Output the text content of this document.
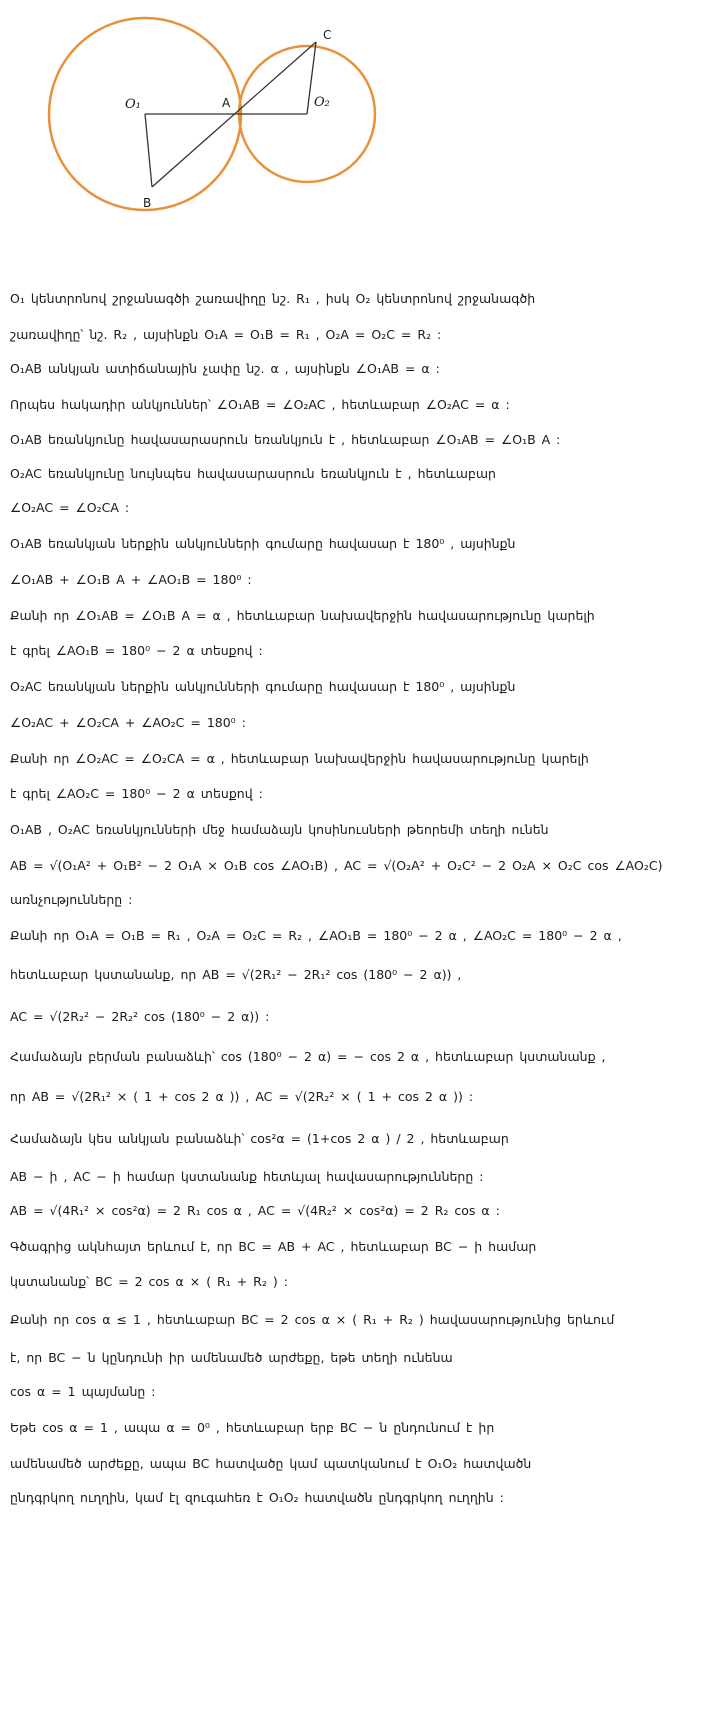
O₁	A	O₂
B
C
O₁ կենտրոնով շրջանագծի շառավիղը նշ. R₁ , իսկ O₂ կենտրոնով շրջանագծի
շառավիղը՝ նշ. R₂ , այսինքն O₁A = O₁B = R₁ , O₂A = O₂C = R₂ :
O₁AB անկյան ատիճանային չափը նշ. α , այսինքն ∠O₁AB = α :
Որպես հակադիր անկյուններ՝ ∠O₁AB = ∠O₂AC , հետևաբար ∠O₂AC = α :
O₁AB եռանկյունը հավասարասրուն եռանկյուն է , հետևաբար ∠O₁AB = ∠O₁B A :
O₂AC եռանկյունը նույնպես հավասարասրուն եռանկյուն է , հետևաբար
∠O₂AC = ∠O₂CA :
O₁AB եռանկյան ներքին անկյունների գումարը հավասար է 180⁰ , այսինքն
∠O₁AB + ∠O₁B A + ∠AO₁B = 180⁰ :
Քանի որ ∠O₁AB = ∠O₁B A = α , հետևաբար նախավերջին հավասարությունը կարելի
է գրել ∠AO₁B = 180⁰ − 2 α տեսքով :
O₂AC եռանկյան ներքին անկյունների գումարը հավասար է 180⁰ , այսինքն
∠O₂AC + ∠O₂CA + ∠AO₂C = 180⁰ :
Քանի որ ∠O₂AC = ∠O₂CA = α , հետևաբար նախավերջին հավասարությունը կարելի
է գրել ∠AO₂C = 180⁰ − 2 α տեսքով :
O₁AB , O₂AC եռանկյունների մեջ համաձայն կոսինուսների թեորեմի տեղի ունեն
AB = √(O₁A² + O₁B² − 2 O₁A × O₁B cos ∠AO₁B) , AC = √(O₂A² + O₂C² − 2 O₂A × O₂C cos ∠AO₂C)
առնչությունները :
Քանի որ O₁A = O₁B = R₁ , O₂A = O₂C = R₂ , ∠AO₁B = 180⁰ − 2 α , ∠AO₂C = 180⁰ − 2 α ,
հետևաբար կստանանք, որ AB = √(2R₁² − 2R₁² cos (180⁰ − 2 α)) ,
AC = √(2R₂² − 2R₂² cos (180⁰ − 2 α)) :
Համաձայն բերման բանաձևի՝ cos (180⁰ − 2 α) = − cos 2 α , հետևաբար կստանանք ,
որ AB = √(2R₁² × ( 1 + cos 2 α )) , AC = √(2R₂² × ( 1 + cos 2 α )) :
Համաձայն կես անկյան բանաձևի՝ cos²α = (1+cos 2 α ) / 2 , հետևաբար
AB − ի , AC − ի համար կստանանք հետևյալ հավասարությունները :
AB = √(4R₁² × cos²α) = 2 R₁ cos α , AC = √(4R₂² × cos²α) = 2 R₂ cos α :
Գծագրից ակնհայտ երևում է, որ BC = AB + AC , հետևաբար BC − ի համար
կստանանք՝ BC = 2 cos α × ( R₁ + R₂ ) :
Քանի որ cos α ≤ 1 , հետևաբար BC = 2 cos α × ( R₁ + R₂ ) հավասարությունից երևում
է, որ BC − ն կընդունի իր ամենամեծ արժեքը, եթե տեղի ունենա
cos α = 1 պայմանը :
Եթե cos α = 1 , ապա α = 0⁰ , հետևաբար երբ BC − ն ընդունում է իր
ամենամեծ արժեքը, ապա BC հատվածը կամ պատկանում է O₁O₂ հատվածն
ընդգրկող ուղղին, կամ էլ զուգահեռ է O₁O₂ հատվածն ընդգրկող ուղղին :
